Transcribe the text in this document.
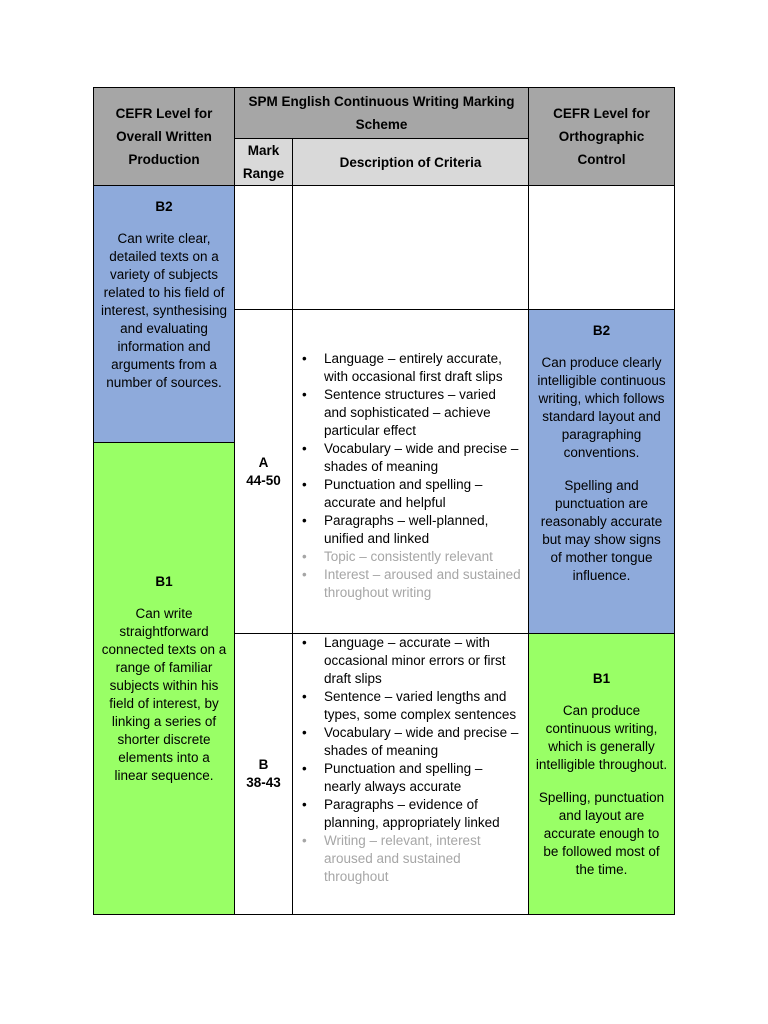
CEFR Level for Overall Written Production
SPM English Continuous Writing Marking Scheme
Mark Range
Description of Criteria
CEFR Level for Orthographic Control
B2
Can write clear, detailed texts on a variety of subjects related to his field of interest, synthesising and evaluating information and arguments from a number of sources.
B1
Can write straightforward connected texts on a range of familiar subjects within his field of interest, by linking a series of shorter discrete elements into a linear sequence.
A
44-50
• Language – entirely accurate, with occasional first draft slips
• Sentence structures – varied and sophisticated – achieve particular effect
• Vocabulary – wide and precise – shades of meaning
• Punctuation and spelling – accurate and helpful
• Paragraphs – well-planned, unified and linked
• Topic – consistently relevant
• Interest – aroused and sustained throughout writing
B2
Can produce clearly intelligible continuous writing, which follows standard layout and paragraphing conventions.
Spelling and punctuation are reasonably accurate but may show signs of mother tongue influence.
B
38-43
• Language – accurate – with occasional minor errors or first draft slips
• Sentence – varied lengths and types, some complex sentences
• Vocabulary – wide and precise – shades of meaning
• Punctuation and spelling – nearly always accurate
• Paragraphs – evidence of planning, appropriately linked
• Writing – relevant, interest aroused and sustained throughout
B1
Can produce continuous writing, which is generally intelligible throughout.
Spelling, punctuation and layout are accurate enough to be followed most of the time.
